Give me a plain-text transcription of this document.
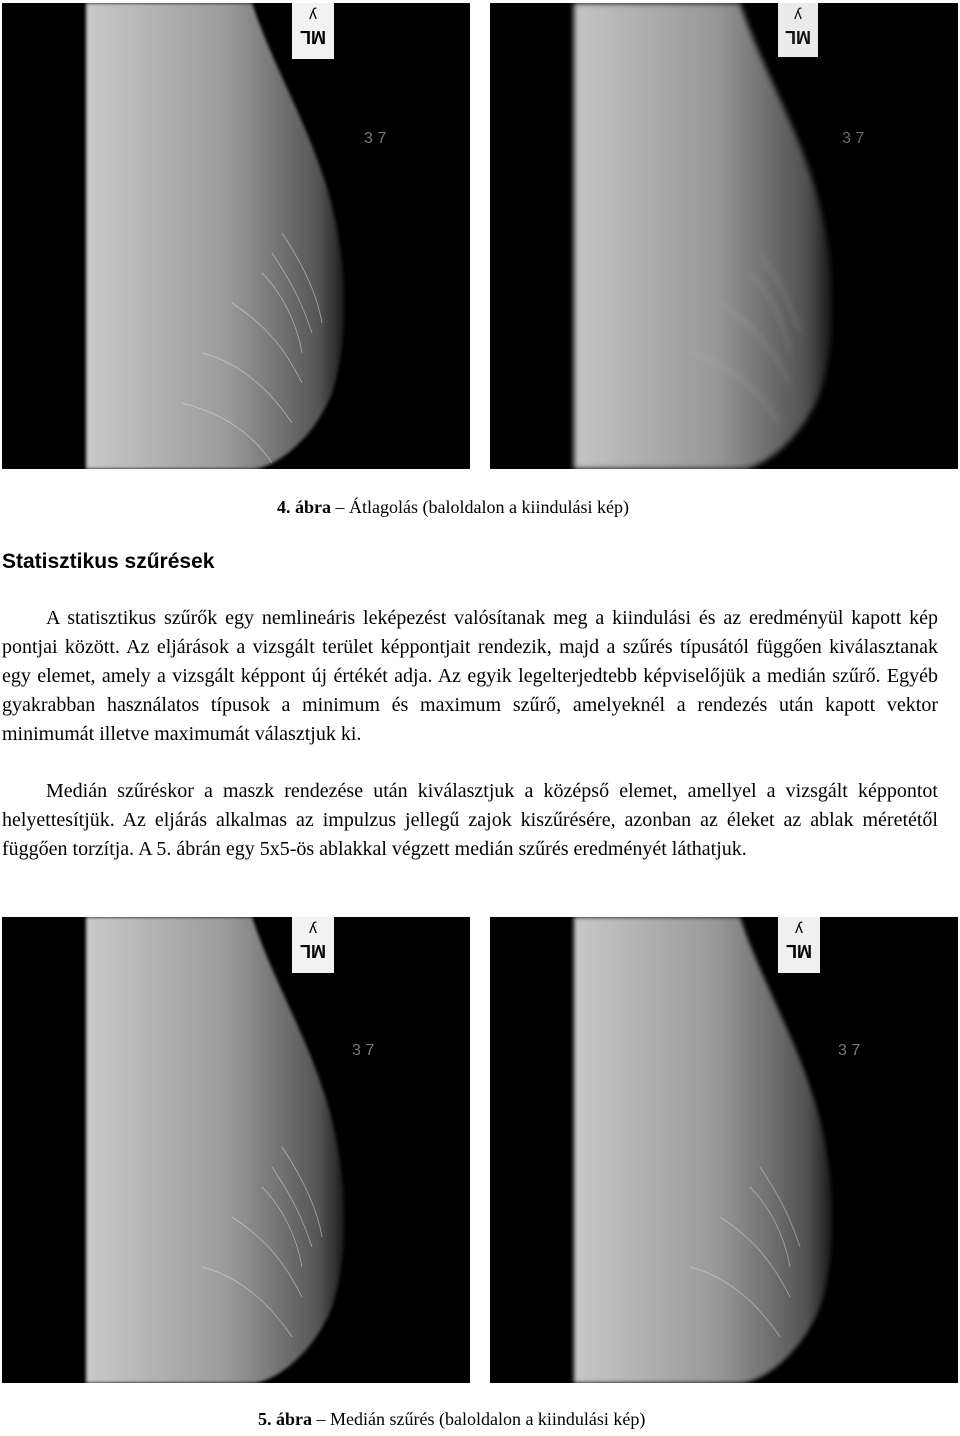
ʎ
ML
3 7
ʎ
ML
3 7
4. ábra – Átlagolás (baloldalon a kiindulási kép)
Statisztikus szűrések

A statisztikus szűrők egy nemlineáris leképezést valósítanak meg a kiindulási és az eredményül kapott kép pontjai között. Az eljárások a vizsgált terület képpontjait rendezik, majd a szűrés típusától függően kiválasztanak egy elemet, amely a vizsgált képpont új értékét adja. Az egyik legelterjedtebb képviselőjük a medián szűrő. Egyéb gyakrabban használatos típusok a minimum és maximum szűrő, amelyeknél a rendezés után kapott vektor minimumát illetve maximumát választjuk ki.

Medián szűréskor a maszk rendezése után kiválasztjuk a középső elemet, amellyel a vizsgált képpontot helyettesítjük. Az eljárás alkalmas az impulzus jellegű zajok kiszűrésére, azonban az éleket az ablak méretétől függően torzítja. A 5. ábrán egy 5x5-ös ablakkal végzett medián szűrés eredményét láthatjuk.

ʎ
ML
3 7
ʎ
ML
3 7
5. ábra – Medián szűrés (baloldalon a kiindulási kép)
